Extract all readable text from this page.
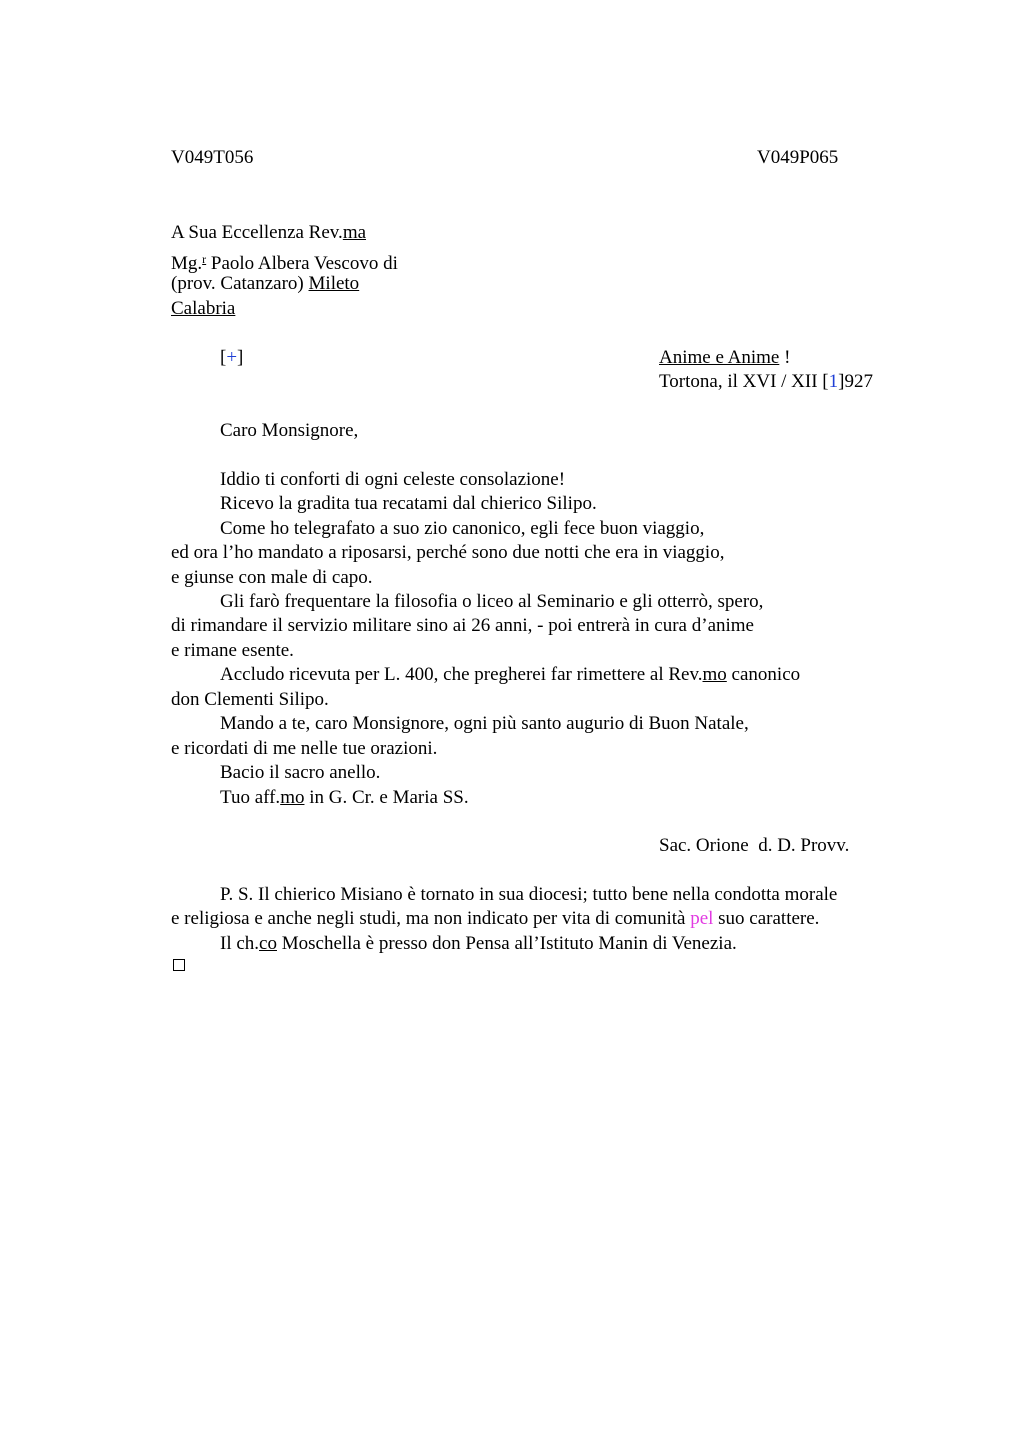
V049T056	V049P065
A Sua Eccellenza Rev.ma
Mg.$^r$ Paolo Albera Vescovo di
(prov. Catanzaro) Mileto
Calabria
[+]	Anime e Anime !
Tortona, il XVI / XII [1]927
Caro Monsignore,
Iddio ti conforti di ogni celeste consolazione!
Ricevo la gradita tua recatami dal chierico Silipo.
Come ho telegrafato a suo zio canonico, egli fece buon viaggio,
ed ora l’ho mandato a riposarsi, perché sono due notti che era in viaggio,
e giunse con male di capo.
Gli farò frequentare la filosofia o liceo al Seminario e gli otterrò, spero,
di rimandare il servizio militare sino ai 26 anni, - poi entrerà in cura d’anime
e rimane esente.
Accludo ricevuta per L. 400, che pregherei far rimettere al Rev.mo canonico
don Clementi Silipo.
Mando a te, caro Monsignore, ogni più santo augurio di Buon Natale,
e ricordati di me nelle tue orazioni.
Bacio il sacro anello.
Tuo aff.mo in G. Cr. e Maria SS.
Sac. Orione  d. D. Provv.
P. S. Il chierico Misiano è tornato in sua diocesi; tutto bene nella condotta morale
e religiosa e anche negli studi, ma non indicato per vita di comunità pel suo carattere.
Il ch.co Moschella è presso don Pensa all’Istituto Manin di Venezia.
